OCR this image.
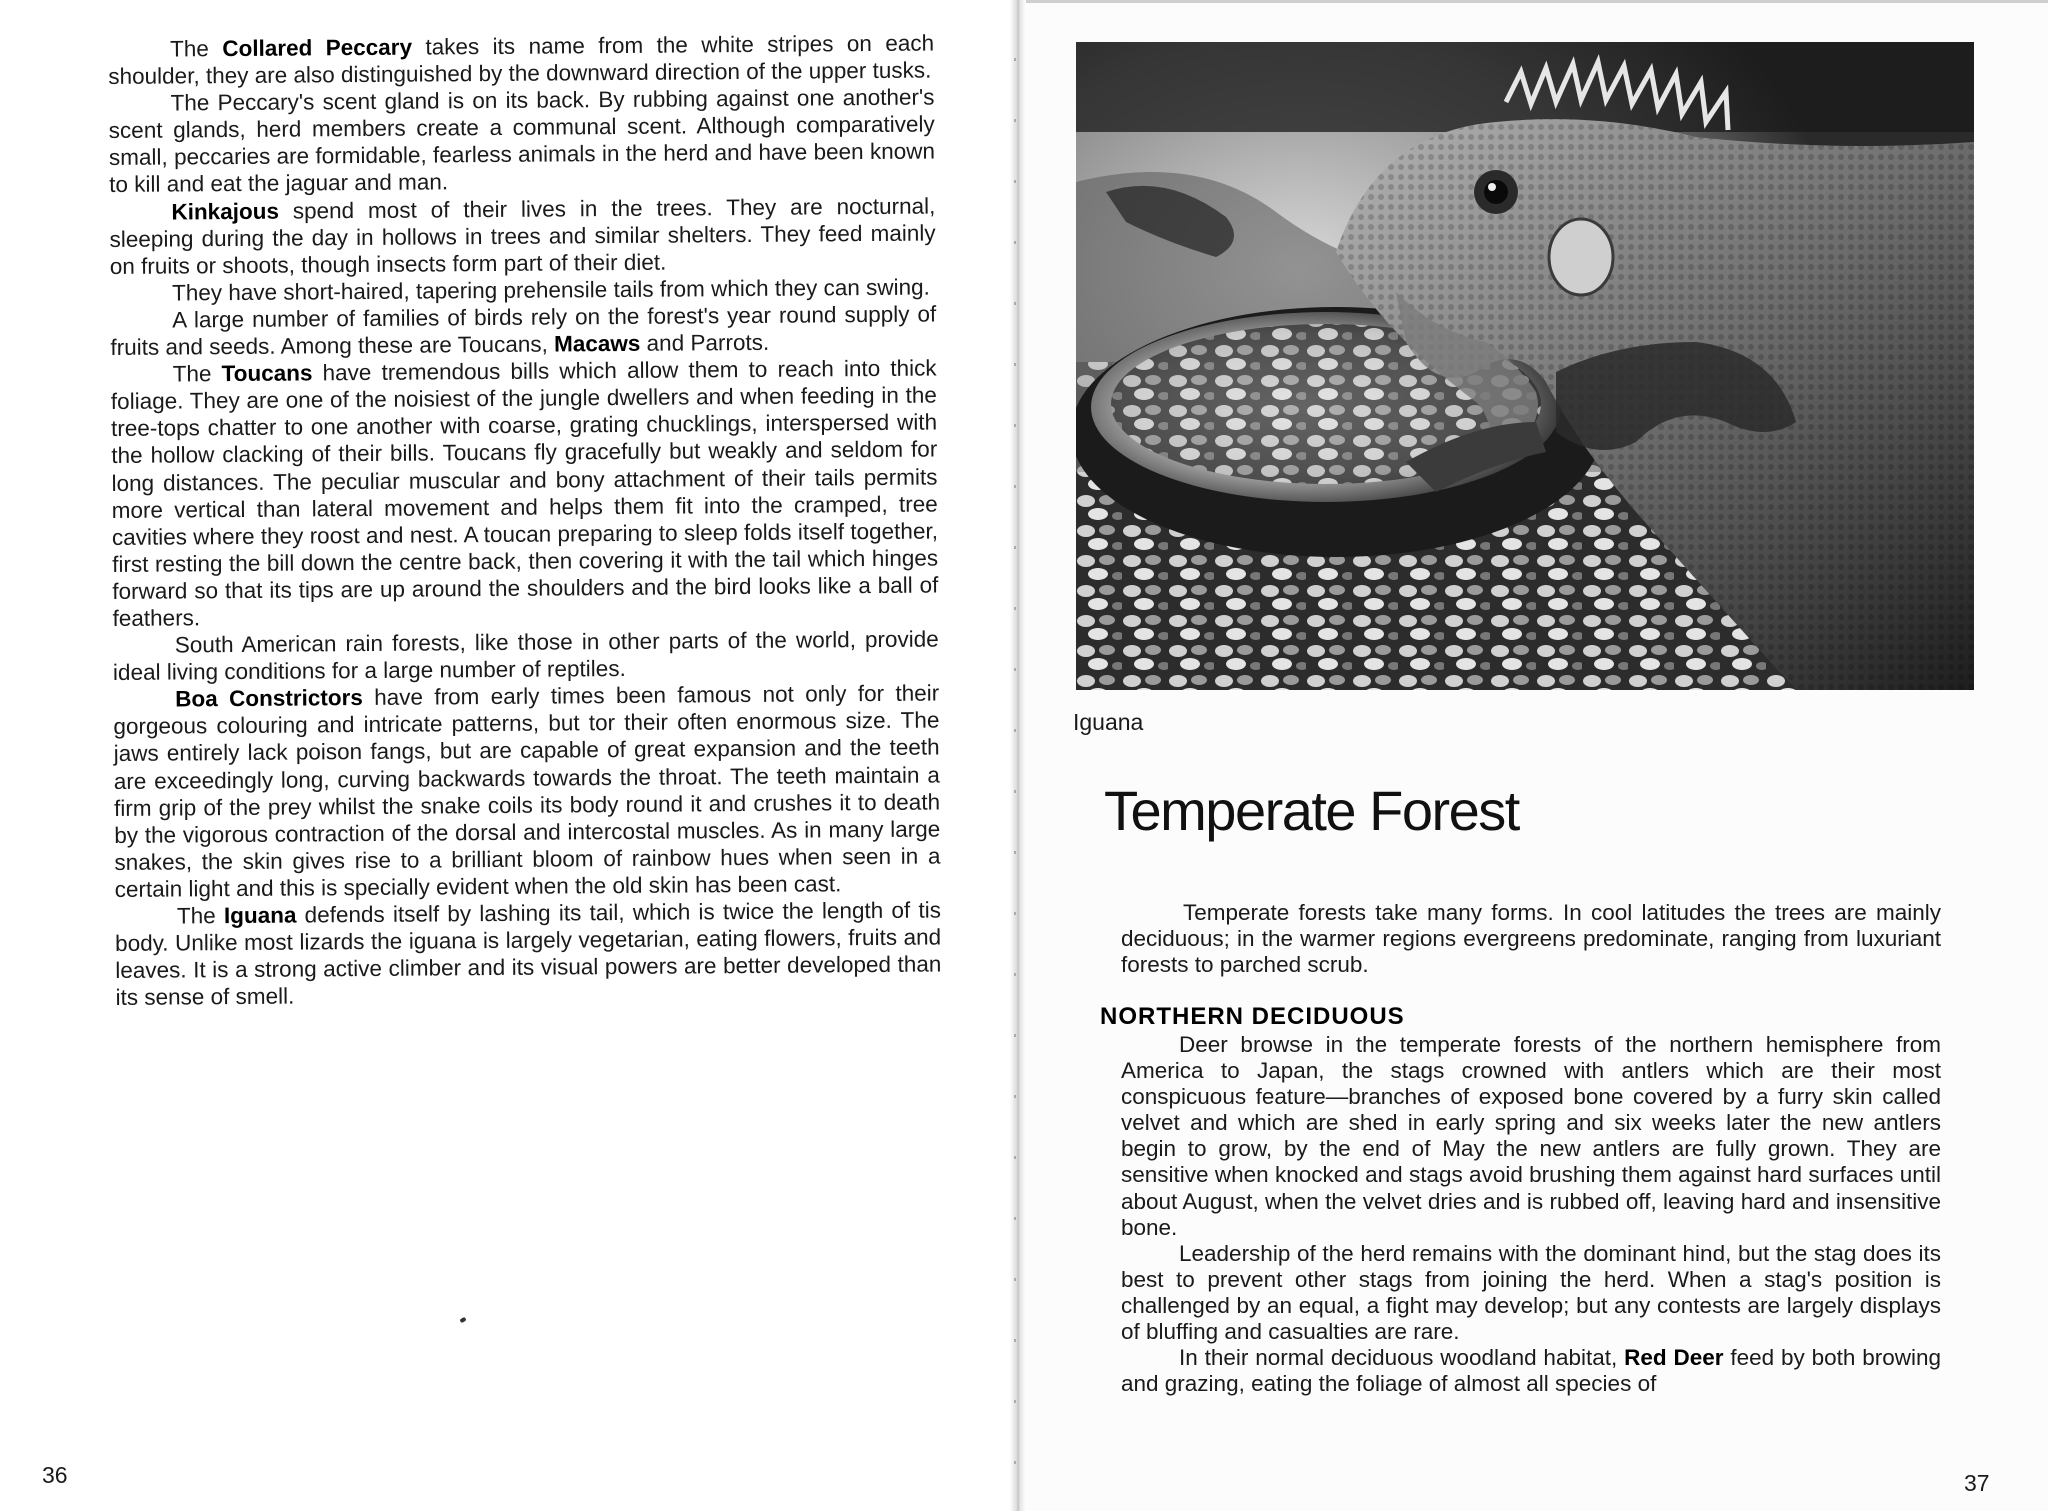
The Collared Peccary takes its name from the white stripes on each shoulder, they are also distinguished by the downward direction of the upper tusks.

The Peccary's scent gland is on its back. By rubbing against one another's scent glands, herd members create a communal scent. Although comparatively small, peccaries are formidable, fearless animals in the herd and have been known to kill and eat the jaguar and man.

Kinkajous spend most of their lives in the trees. They are nocturnal, sleeping during the day in hollows in trees and similar shelters. They feed mainly on fruits or shoots, though insects form part of their diet.

They have short-haired, tapering prehensile tails from which they can swing.

A large number of families of birds rely on the forest's year round supply of fruits and seeds. Among these are Toucans, Macaws and Parrots.

The Toucans have tremendous bills which allow them to reach into thick foliage. They are one of the noisiest of the jungle dwellers and when feeding in the tree-tops chatter to one another with coarse, grating chucklings, interspersed with the hollow clacking of their bills. Toucans fly gracefully but weakly and seldom for long distances. The peculiar muscular and bony attachment of their tails permits more vertical than lateral movement and helps them fit into the cramped, tree cavities where they roost and nest. A toucan preparing to sleep folds itself together, first resting the bill down the centre back, then covering it with the tail which hinges forward so that its tips are up around the shoulders and the bird looks like a ball of feathers.

South American rain forests, like those in other parts of the world, provide ideal living conditions for a large number of reptiles.

Boa Constrictors have from early times been famous not only for their gorgeous colouring and intricate patterns, but tor their often enormous size. The jaws entirely lack poison fangs, but are capable of great expansion and the teeth are exceedingly long, curving backwards towards the throat. The teeth maintain a firm grip of the prey whilst the snake coils its body round it and crushes it to death by the vigorous contraction of the dorsal and intercostal muscles. As in many large snakes, the skin gives rise to a brilliant bloom of rainbow hues when seen in a certain light and this is specially evident when the old skin has been cast.

The Iguana defends itself by lashing its tail, which is twice the length of tis body. Unlike most lizards the iguana is largely vegetarian, eating flowers, fruits and leaves. It is a strong active climber and its visual powers are better developed than its sense of smell.

36
Iguana
Temperate Forest

Temperate forests take many forms. In cool latitudes the trees are mainly deciduous; in the warmer regions evergreens predominate, ranging from luxuriant forests to parched scrub.

NORTHERN DECIDUOUS

Deer browse in the temperate forests of the northern hemisphere from America to Japan, the stags crowned with antlers which are their most conspicuous feature—branches of exposed bone covered by a furry skin called velvet and which are shed in early spring and six weeks later the new antlers begin to grow, by the end of May the new antlers are fully grown. They are sensitive when knocked and stags avoid brushing them against hard surfaces until about August, when the velvet dries and is rubbed off, leaving hard and insensitive bone.

Leadership of the herd remains with the dominant hind, but the stag does its best to prevent other stags from joining the herd. When a stag's position is challenged by an equal, a fight may develop; but any contests are largely displays of bluffing and casualties are rare.

In their normal deciduous woodland habitat, Red Deer feed by both browing and grazing, eating the foliage of almost all species of

37
